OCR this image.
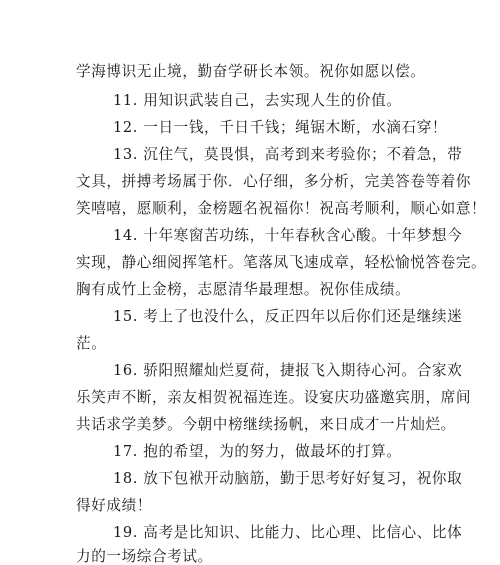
学海博识无止境，勤奋学研长本领。祝你如愿以偿。
11. 用知识武装自己，去实现人生的价值。
12. 一日一钱，千日千钱；绳锯木断，水滴石穿！
13. 沉住气，莫畏惧，高考到来考验你；不着急，带
文具，拼搏考场属于你．心仔细，多分析，完美答卷等着你
笑嘻嘻，愿顺利，金榜题名祝福你！祝高考顺利，顺心如意！
14. 十年寒窗苦功练，十年春秋含心酸。十年梦想今
实现，静心细阅挥笔杆。笔落凤飞速成章，轻松愉悦答卷完。
胸有成竹上金榜，志愿清华最理想。祝你佳成绩。
15. 考上了也没什么，反正四年以后你们还是继续迷
茫。
16. 骄阳照耀灿烂夏荷，捷报飞入期待心河。合家欢
乐笑声不断，亲友相贺祝福连连。设宴庆功盛邀宾朋，席间
共话求学美梦。今朝中榜继续扬帆，来日成才一片灿烂。
17. 抱的希望，为的努力，做最坏的打算。
18. 放下包袱开动脑筋，勤于思考好好复习，祝你取
得好成绩！
19. 高考是比知识、比能力、比心理、比信心、比体
力的一场综合考试。
